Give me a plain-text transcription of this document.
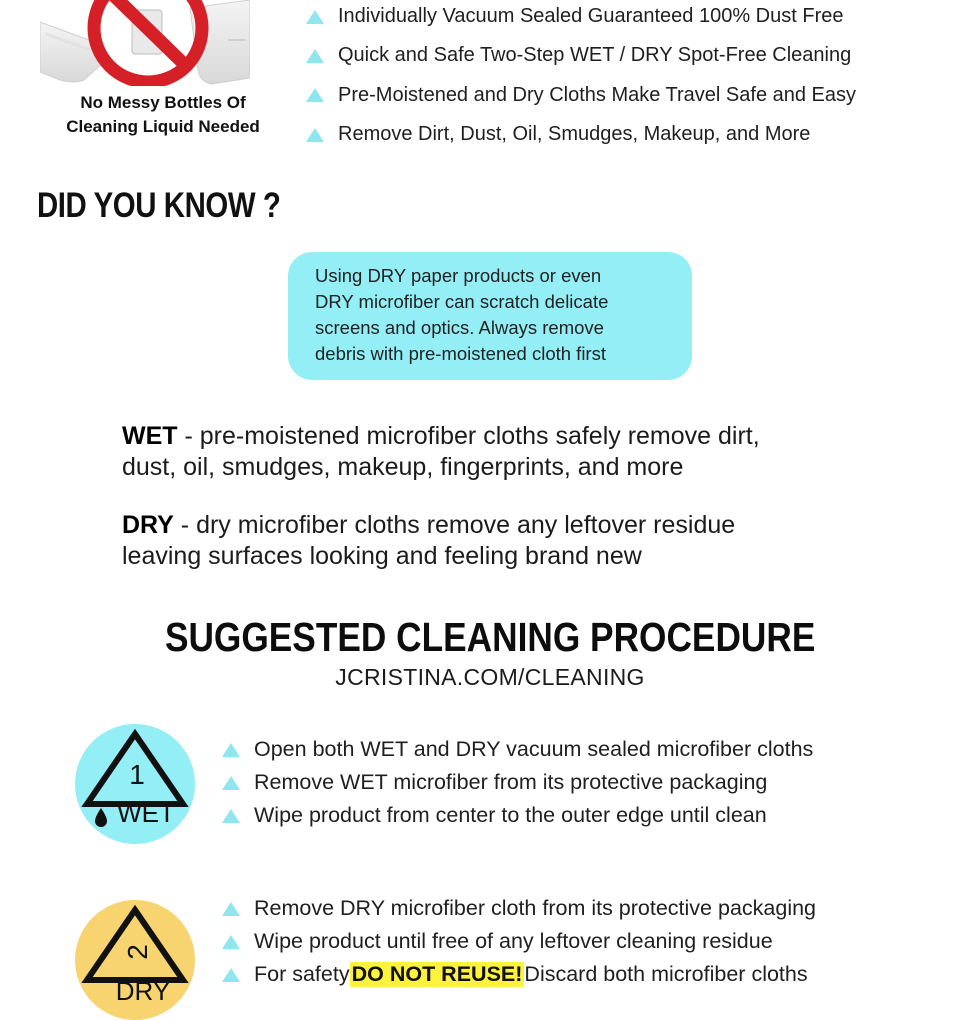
No Messy Bottles Of
Cleaning Liquid Needed
Individually Vacuum Sealed Guaranteed 100% Dust Free
Quick and Safe Two-Step WET / DRY Spot-Free Cleaning
Pre-Moistened and Dry Cloths Make Travel Safe and Easy
Remove Dirt, Dust, Oil, Smudges, Makeup, and More
DID YOU KNOW ?
Using DRY paper products or even
DRY microfiber can scratch delicate
screens and optics. Always remove
debris with pre-moistened cloth first
WET - pre-moistened microfiber cloths safely remove dirt,
dust, oil, smudges, makeup, fingerprints, and more
DRY - dry microfiber cloths remove any leftover residue
leaving surfaces looking and feeling brand new
SUGGESTED CLEANING PROCEDURE
JCRISTINA.COM/CLEANING
1
WET
Open both WET and DRY vacuum sealed microfiber cloths
Remove WET microfiber from its protective packaging
Wipe product from center to the outer edge until clean
2
DRY
Remove DRY microfiber cloth from its protective packaging
Wipe product until free of any leftover cleaning residue
For safety DO NOT REUSE! Discard both microfiber cloths
